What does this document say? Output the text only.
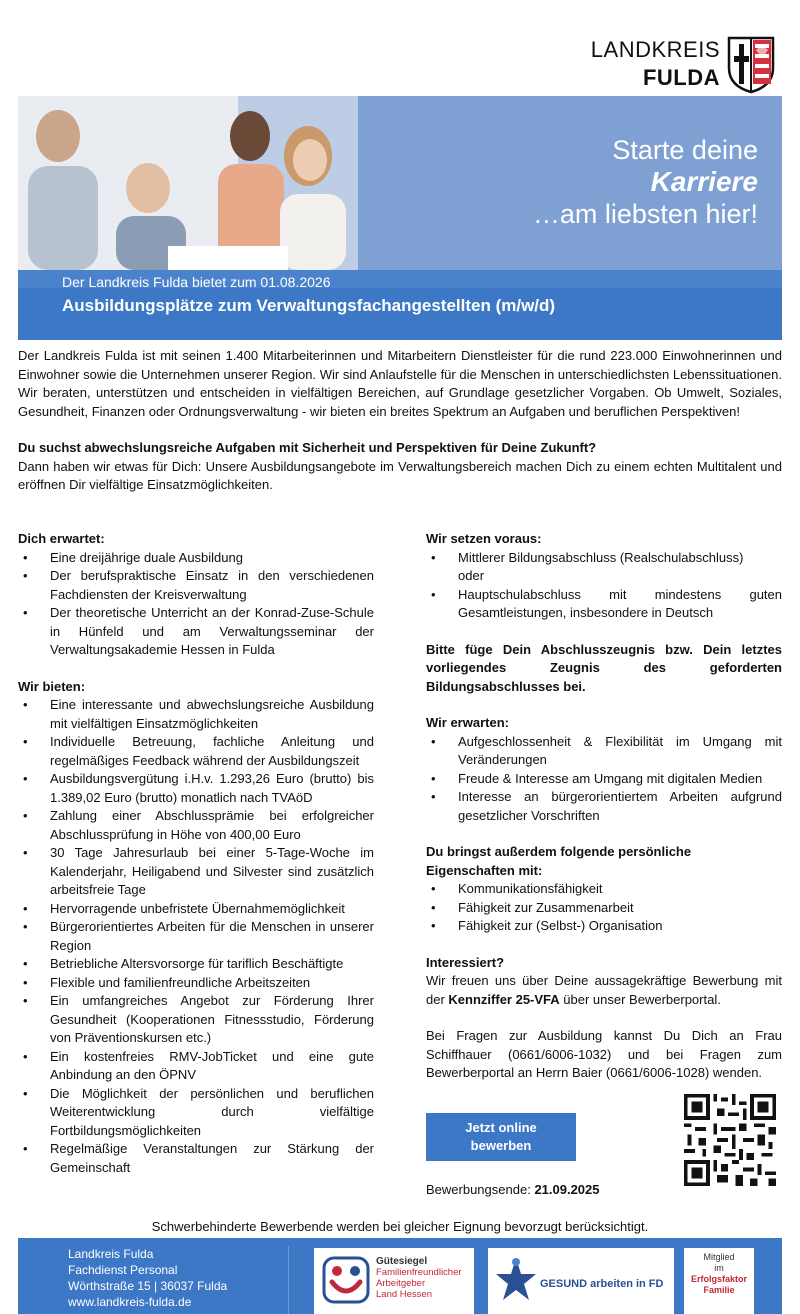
LANDKREIS
FULDA
Starte deine
Karriere
…am liebsten hier!
Der Landkreis Fulda bietet zum 01.08.2026
Ausbildungsplätze zum Verwaltungsfachangestellten (m/w/d)

Der Landkreis Fulda ist mit seinen 1.400 Mitarbeiterinnen und Mitarbeitern Dienstleister für die rund 223.000 Einwohnerinnen und Einwohner sowie die Unternehmen unserer Region. Wir sind Anlaufstelle für die Menschen in unterschiedlichsten Lebenssituationen. Wir beraten, unterstützen und entscheiden in vielfältigen Bereichen, auf Grundlage gesetzlicher Vorgaben. Ob Umwelt, Soziales, Gesundheit, Finanzen oder Ordnungsverwaltung - wir bieten ein breites Spektrum an Aufgaben und beruflichen Perspektiven!

Du suchst abwechslungsreiche Aufgaben mit Sicherheit und Perspektiven für Deine Zukunft?
Dann haben wir etwas für Dich: Unsere Ausbildungsangebote im Verwaltungsbereich machen Dich zu einem echten Multitalent und eröffnen Dir vielfältige Einsatzmöglichkeiten.

Dich erwartet:
• Eine dreijährige duale Ausbildung
• Der berufspraktische Einsatz in den verschiedenen Fachdiensten der Kreisverwaltung
• Der theoretische Unterricht an der Konrad-Zuse-Schule in Hünfeld und am Verwaltungsseminar der Verwaltungsakademie Hessen in Fulda
Wir bieten:
• Eine interessante und abwechslungsreiche Ausbildung mit vielfältigen Einsatzmöglichkeiten
• Individuelle Betreuung, fachliche Anleitung und regelmäßiges Feedback während der Ausbildungszeit
• Ausbildungsvergütung i.H.v. 1.293,26 Euro (brutto) bis 1.389,02 Euro (brutto) monatlich nach TVAöD
• Zahlung einer Abschlussprämie bei erfolgreicher Abschlussprüfung in Höhe von 400,00 Euro
• 30 Tage Jahresurlaub bei einer 5-Tage-Woche im Kalenderjahr, Heiligabend und Silvester sind zusätzlich arbeitsfreie Tage
• Hervorragende unbefristete Übernahmemöglichkeit
• Bürgerorientiertes Arbeiten für die Menschen in unserer Region
• Betriebliche Altersvorsorge für tariflich Beschäftigte
• Flexible und familienfreundliche Arbeitszeiten
• Ein umfangreiches Angebot zur Förderung Ihrer Gesundheit (Kooperationen Fitnessstudio, Förderung von Präventionskursen etc.)
• Ein kostenfreies RMV-JobTicket und eine gute Anbindung an den ÖPNV
• Die Möglichkeit der persönlichen und beruflichen Weiterentwicklung durch vielfältige Fortbildungsmöglichkeiten
• Regelmäßige Veranstaltungen zur Stärkung der Gemeinschaft
Wir setzen voraus:
• Mittlerer Bildungsabschluss (Realschulabschluss)
oder
• Hauptschulabschluss mit mindestens guten Gesamtleistungen, insbesondere in Deutsch
Bitte füge Dein Abschlusszeugnis bzw. Dein letztes vorliegendes Zeugnis des geforderten Bildungsabschlusses bei.
Wir erwarten:
• Aufgeschlossenheit & Flexibilität im Umgang mit Veränderungen
• Freude & Interesse am Umgang mit digitalen Medien
• Interesse an bürgerorientiertem Arbeiten aufgrund gesetzlicher Vorschriften
Du bringst außerdem folgende persönliche Eigenschaften mit:
• Kommunikationsfähigkeit
• Fähigkeit zur Zusammenarbeit
• Fähigkeit zur (Selbst-) Organisation
Interessiert?
Wir freuen uns über Deine aussagekräftige Bewerbung mit der Kennziffer 25-VFA über unser Bewerberportal.
Bei Fragen zur Ausbildung kannst Du Dich an Frau Schiffhauer (0661/6006-1032) und bei Fragen zum Bewerberportal an Herrn Baier (0661/6006-1028) wenden.
Jetzt online
bewerben
Bewerbungsende: 21.09.2025
Schwerbehinderte Bewerbende werden bei gleicher Eignung bevorzugt berücksichtigt.
Landkreis Fulda
Fachdienst Personal
Wörthstraße 15 | 36037 Fulda
www.landkreis-fulda.de
Gütesiegel
Familienfreundlicher
Arbeitgeber
Land Hessen
GESUND arbeiten in FD
Mitglied
im
Erfolgsfaktor
Familie
